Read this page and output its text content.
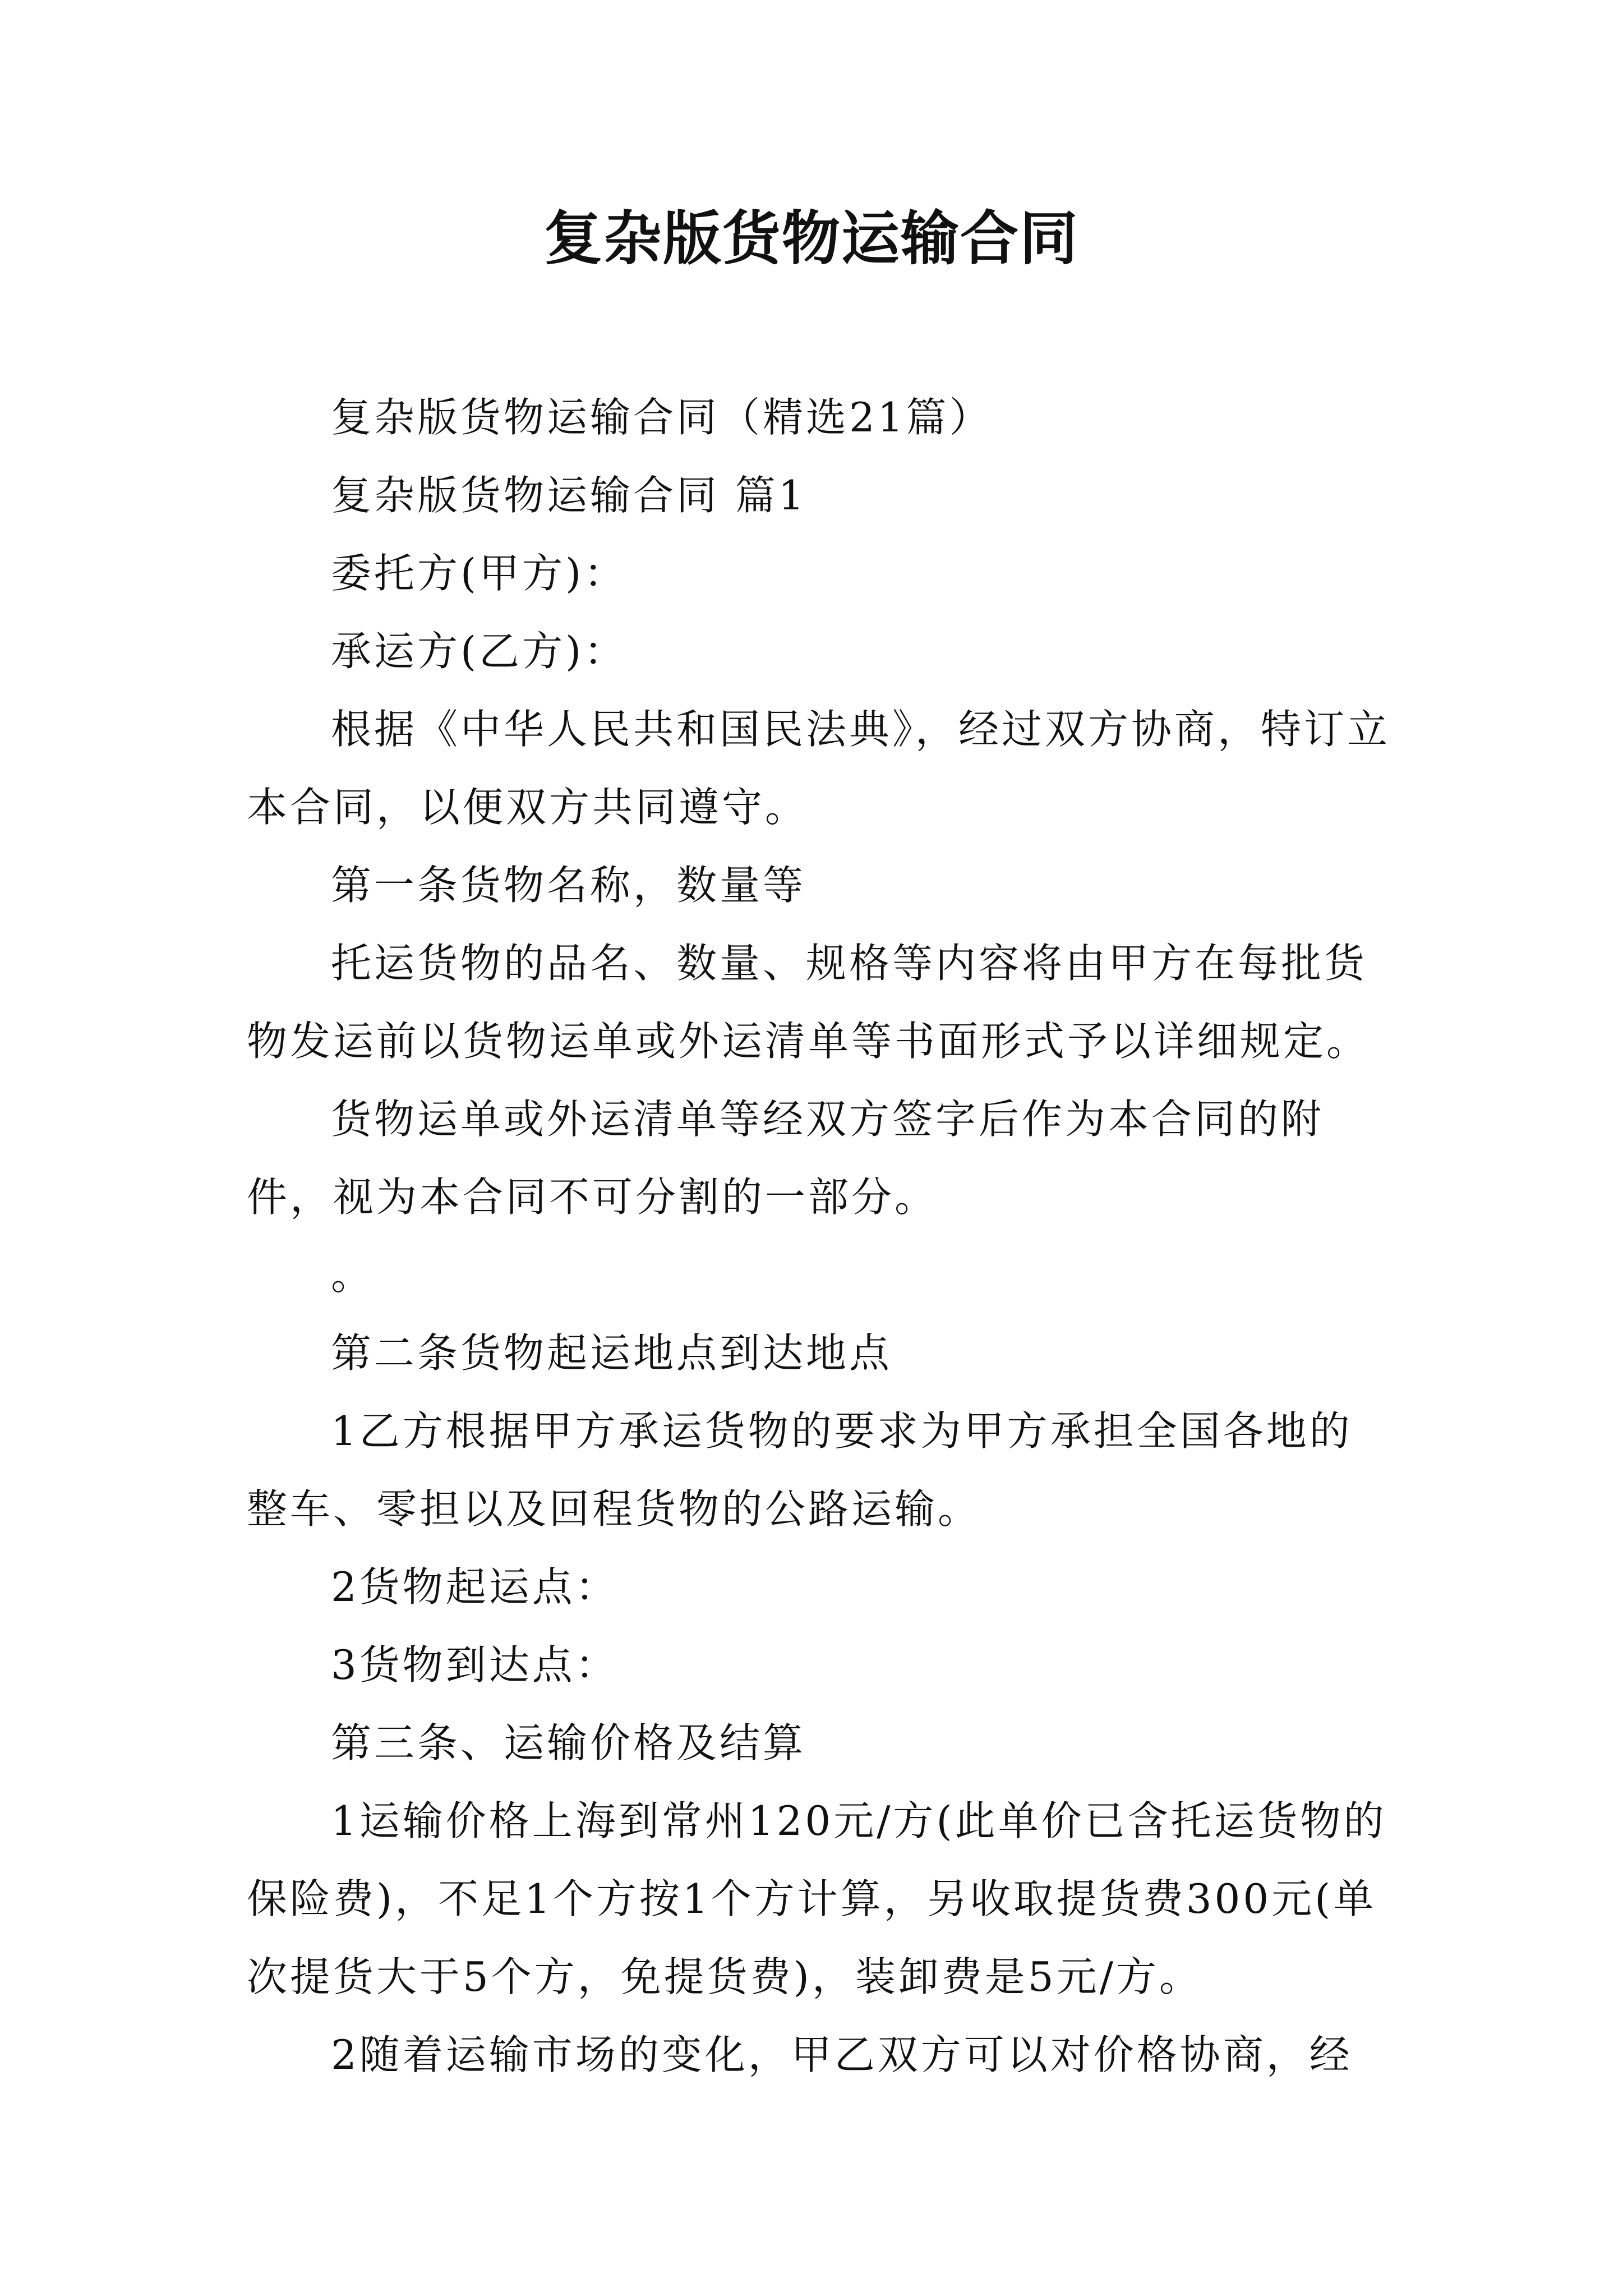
复杂版货物运输合同

复杂版货物运输合同（精选21篇）

复杂版货物运输合同 篇1

委托方(甲方)：

承运方(乙方)：

根据《中华人民共和国民法典》，经过双方协商，特订立本合同，以便双方共同遵守。

第一条货物名称，数量等

托运货物的品名、数量、规格等内容将由甲方在每批货物发运前以货物运单或外运清单等书面形式予以详细规定。

货物运单或外运清单等经双方签字后作为本合同的附件，视为本合同不可分割的一部分。

。

第二条货物起运地点到达地点

1乙方根据甲方承运货物的要求为甲方承担全国各地的整车、零担以及回程货物的公路运输。

2货物起运点：

3货物到达点：

第三条、运输价格及结算

1运输价格上海到常州120元/方(此单价已含托运货物的保险费)，不足1个方按1个方计算，另收取提货费300元(单次提货大于5个方，免提货费)，装卸费是5元/方。

2随着运输市场的变化，甲乙双方可以对价格协商，经
